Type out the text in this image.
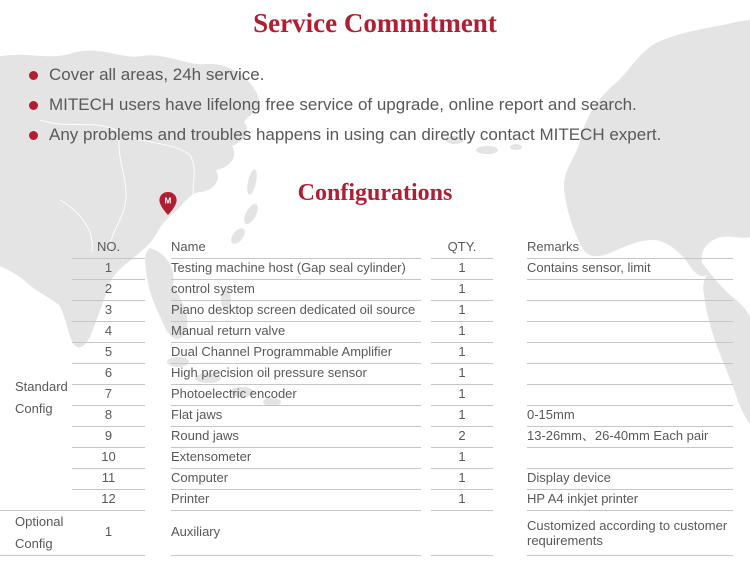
Service Commitment
Cover all areas, 24h service.
MITECH users have lifelong free service of upgrade, online report and search.
Any problems and troubles happens in using can directly contact MITECH expert.
Configurations
M
	NO.		Name		QTY.		Remarks

Standard
Config	1		Testing machine host (Gap seal cylinder)		1		Contains sensor, limit
	2		control system		1		
	3		Piano desktop screen dedicated oil source		1		
	4		Manual return valve		1		
	5		Dual Channel Programmable Amplifier		1		
	6		High precision oil pressure sensor		1		
	7		Photoelectric encoder		1		
	8		Flat jaws		1		0-15mm
	9		Round jaws		2		13-26mm、26-40mm Each pair
	10		Extensometer		1		
	11		Computer		1		Display device
	12		Printer		1		HP A4 inkjet printer

Optional
Config	1		Auxiliary				Customized according to customer requirements
